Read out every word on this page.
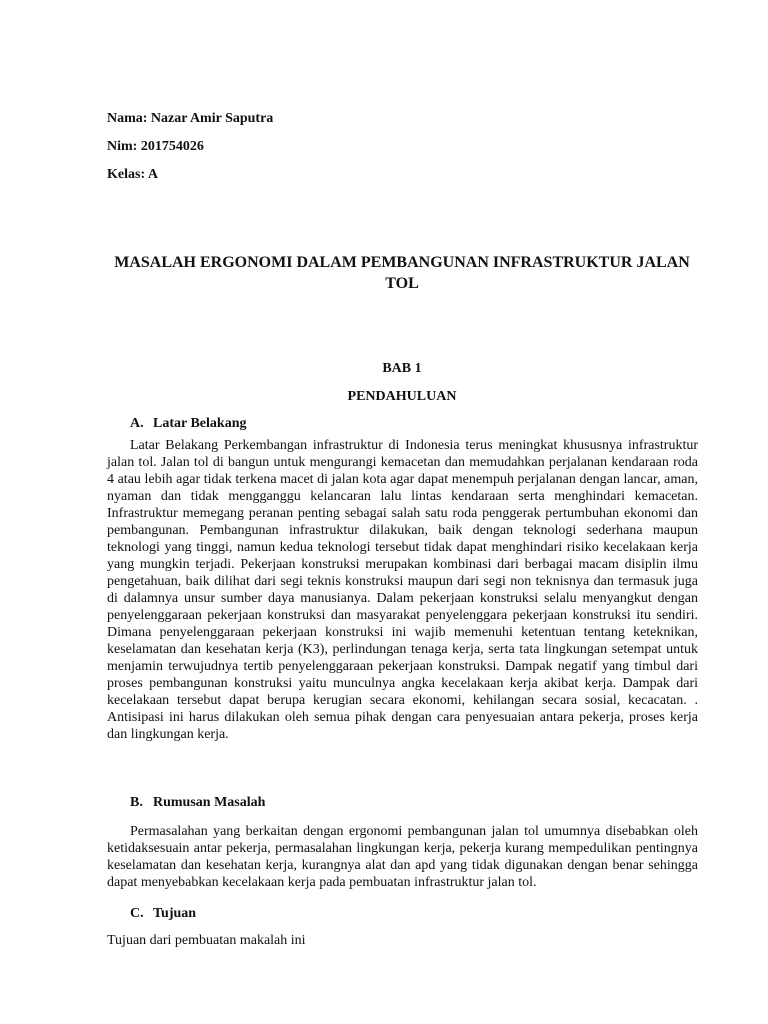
Nama: Nazar Amir Saputra
Nim: 201754026
Kelas: A
MASALAH ERGONOMI DALAM PEMBANGUNAN INFRASTRUKTUR JALAN TOL
BAB 1
PENDAHULUAN
A. Latar Belakang

Latar Belakang Perkembangan infrastruktur di Indonesia terus meningkat khususnya infrastruktur jalan tol. Jalan tol di bangun untuk mengurangi kemacetan dan memudahkan perjalanan kendaraan roda 4 atau lebih agar tidak terkena macet di jalan kota agar dapat menempuh perjalanan dengan lancar, aman, nyaman dan tidak mengganggu kelancaran lalu lintas kendaraan serta menghindari kemacetan. Infrastruktur memegang peranan penting sebagai salah satu roda penggerak pertumbuhan ekonomi dan pembangunan. Pembangunan infrastruktur dilakukan, baik dengan teknologi sederhana maupun teknologi yang tinggi, namun kedua teknologi tersebut tidak dapat menghindari risiko kecelakaan kerja yang mungkin terjadi. Pekerjaan konstruksi merupakan kombinasi dari berbagai macam disiplin ilmu pengetahuan, baik dilihat dari segi teknis konstruksi maupun dari segi non teknisnya dan termasuk juga di dalamnya unsur sumber daya manusianya. Dalam pekerjaan konstruksi selalu menyangkut dengan penyelenggaraan pekerjaan konstruksi dan masyarakat penyelenggara pekerjaan konstruksi itu sendiri. Dimana penyelenggaraan pekerjaan konstruksi ini wajib memenuhi ketentuan tentang keteknikan, keselamatan dan kesehatan kerja (K3), perlindungan tenaga kerja, serta tata lingkungan setempat untuk menjamin terwujudnya tertib penyelenggaraan pekerjaan konstruksi. Dampak negatif yang timbul dari proses pembangunan konstruksi yaitu munculnya angka kecelakaan kerja akibat kerja. Dampak dari kecelakaan tersebut dapat berupa kerugian secara ekonomi, kehilangan secara sosial, kecacatan. . Antisipasi ini harus dilakukan oleh semua pihak dengan cara penyesuaian antara pekerja, proses kerja dan lingkungan kerja.

B. Rumusan Masalah

Permasalahan yang berkaitan dengan ergonomi pembangunan jalan tol umumnya disebabkan oleh ketidaksesuain antar pekerja, permasalahan lingkungan kerja, pekerja kurang mempedulikan pentingnya keselamatan dan kesehatan kerja, kurangnya alat dan apd yang tidak digunakan dengan benar sehingga dapat menyebabkan kecelakaan kerja pada pembuatan infrastruktur jalan tol.

C. Tujuan

Tujuan dari pembuatan makalah ini
